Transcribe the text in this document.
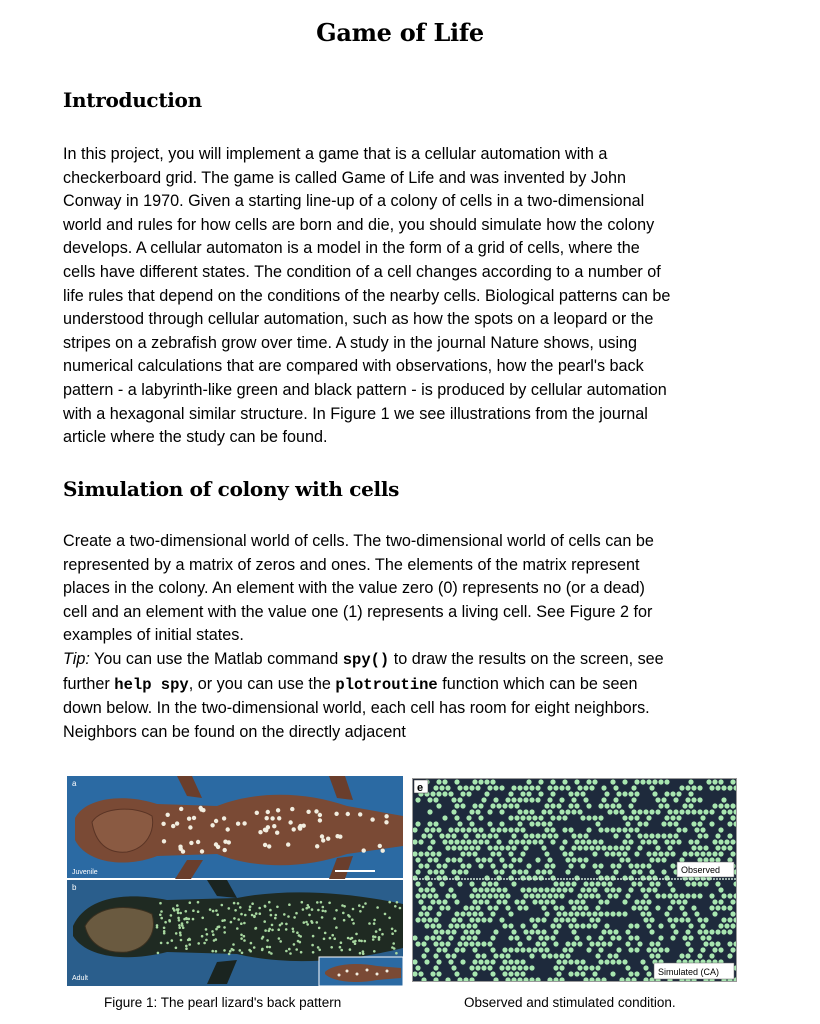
Game of Life
Introduction
In this project, you will implement a game that is a cellular automation with a
checkerboard grid. The game is called Game of Life and was invented by John
Conway in 1970. Given a starting line-up of a colony of cells in a two-dimensional
world and rules for how cells are born and die, you should simulate how the colony
develops. A cellular automaton is a model in the form of a grid of cells, where the
cells have different states. The condition of a cell changes according to a number of
life rules that depend on the conditions of the nearby cells. Biological patterns can be
understood through cellular automation, such as how the spots on a leopard or the
stripes on a zebrafish grow over time. A study in the journal Nature shows, using
numerical calculations that are compared with observations, how the pearl's back
pattern - a labyrinth-like green and black pattern - is produced by cellular automation
with a hexagonal similar structure. In Figure 1 we see illustrations from the journal
article where the study can be found.
Simulation of colony with cells
Create a two-dimensional world of cells. The two-dimensional world of cells can be
represented by a matrix of zeros and ones. The elements of the matrix represent
places in the colony. An element with the value zero (0) represents no (or a dead)
cell and an element with the value one (1) represents a living cell. See Figure 2 for
examples of initial states.
Tip: You can use the Matlab command spy() to draw the results on the screen, see
further help spy, or you can use the plotroutine function which can be seen
down below. In the two-dimensional world, each cell has room for eight neighbors.
Neighbors can be found on the directly adjacent
a
Juvenile
b
Adult
e
Observed
Simulated (CA)
Figure 1: The pearl lizard's back pattern	Observed and stimulated condition.
